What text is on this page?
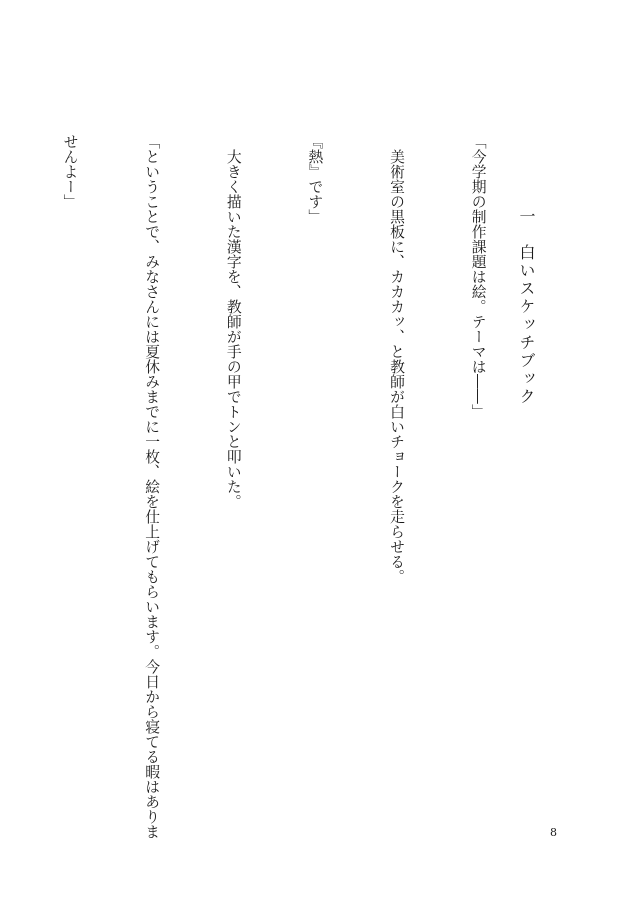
一　白いスケッチブック

「今学期の制作課題は絵。テーマは――」

　美術室の黒板に、カカカッ、と教師が白いチョークを走らせる。

『熱』です」

　大きく描いた漢字を、教師が手の甲でトンと叩いた。

「ということで、みなさんには夏休みまでに一枚、絵を仕上げてもらいます。今日から寝てる暇はありま

せんよー」

8
